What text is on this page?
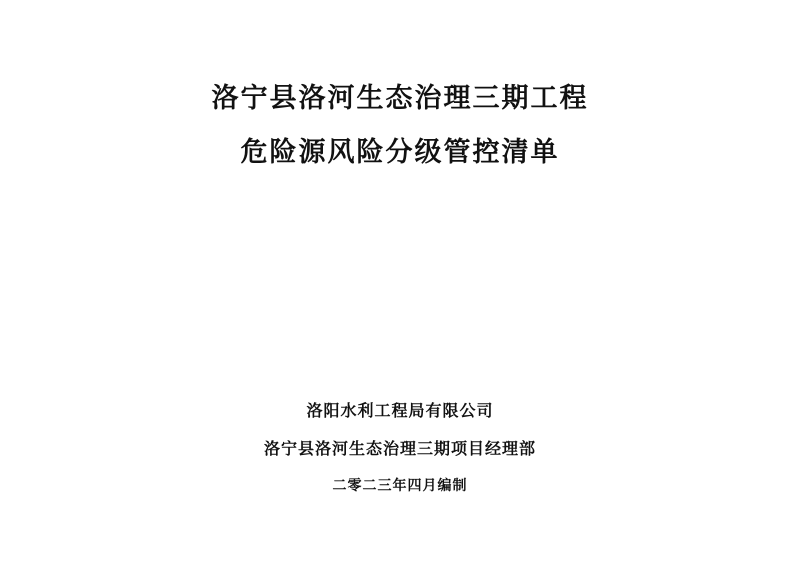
洛宁县洛河生态治理三期工程
危险源风险分级管控清单
洛阳水利工程局有限公司
洛宁县洛河生态治理三期项目经理部
二零二三年四月编制
